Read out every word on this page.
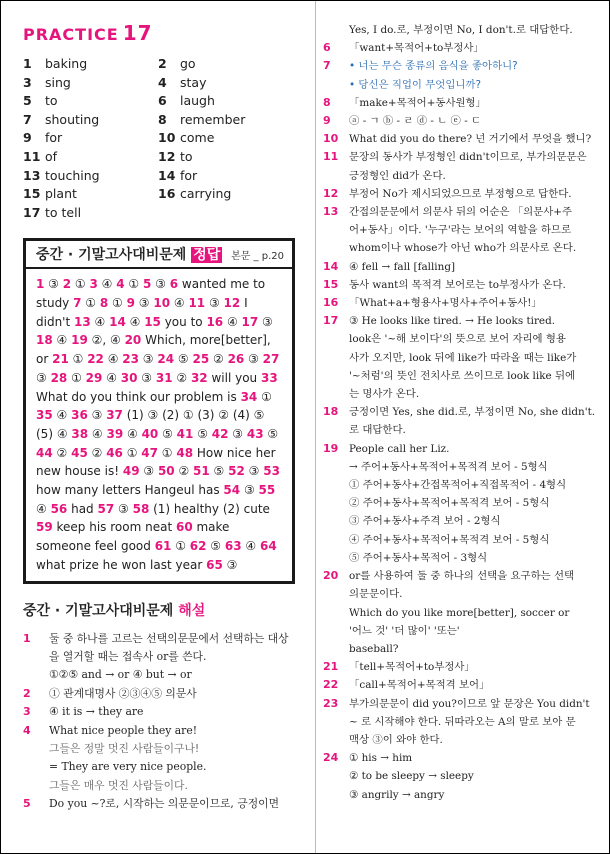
PRACTICE 17
1 baking	2 go
3 sing	4 stay
5 to	6 laugh
7 shouting	8 remember
9 for	10 come
11 of	12 to
13 touching	14 for
15 plant	16 carrying
17 to tell
중간 · 기말고사대비문제 정답 본문 _ p.20
1 ③ 2 ① 3 ④ 4 ① 5 ③ 6 wanted me to study 7 ① 8 ① 9 ③ 10 ④ 11 ③ 12 I didn't 13 ④ 14 ④ 15 you to 16 ④ 17 ③ 18 ④ 19 ②, ④ 20 Which, more[better], or 21 ① 22 ④ 23 ③ 24 ⑤ 25 ② 26 ③ 27 ③ 28 ① 29 ④ 30 ③ 31 ② 32 will you 33 What do you think our problem is 34 ① 35 ④ 36 ③ 37 (1) ③ (2) ① (3) ② (4) ⑤ (5) ④ 38 ④ 39 ④ 40 ⑤ 41 ⑤ 42 ③ 43 ⑤ 44 ② 45 ② 46 ① 47 ① 48 How nice her new house is! 49 ③ 50 ② 51 ⑤ 52 ③ 53 how many letters Hangeul has 54 ③ 55 ④ 56 had 57 ③ 58 (1) healthy (2) cute 59 keep his room neat 60 make someone feel good 61 ① 62 ⑤ 63 ④ 64 what prize he won last year 65 ③
중간 · 기말고사대비문제 해설
1	둘 중 하나를 고르는 선택의문문에서 선택하는 대상
을 열거할 때는 접속사 or를 쓴다.
①②⑤ and → or ④ but → or
2	① 관계대명사 ②③④⑤ 의문사
3	④ it is → they are
4	What nice people they are!
그들은 정말 멋진 사람들이구나!
= They are very nice people.
그들은 매우 멋진 사람들이다.
5	Do you ~?로, 시작하는 의문문이므로, 긍정이면
Yes, I do.로, 부정이면 No, I don't.로 대답한다.
6	「want+목적어+to부정사」
7	• 너는 무슨 종류의 음식을 좋아하니?
• 당신은 직업이 무엇입니까?
8	「make+목적어+동사원형」
9	ⓐ - ㄱ ⓑ - ㄹ ⓓ - ㄴ ⓔ - ㄷ
10	What did you do there? 넌 거기에서 무엇을 했니?
11	문장의 동사가 부정형인 didn't이므로, 부가의문문은
긍정형인 did가 온다.
12	부정어 No가 제시되었으므로 부정형으로 답한다.
13	간접의문문에서 의문사 뒤의 어순은 「의문사+주
어+동사」이다. '누구'라는 보어의 역할을 하므로
whom이나 whose가 아닌 who가 의문사로 온다.
14	④ fell → fall [falling]
15	동사 want의 목적격 보어로는 to부정사가 온다.
16	「What+a+형용사+명사+주어+동사!」
17	③ He looks like tired. → He looks tired.
look은 '~해 보이다'의 뜻으로 보어 자리에 형용
사가 오지만, look 뒤에 like가 따라올 때는 like가
'~처럼'의 뜻인 전치사로 쓰이므로 look like 뒤에
는 명사가 온다.
18	긍정이면 Yes, she did.로, 부정이면 No, she didn't.
로 대답한다.
19	People call her Liz.
→ 주어+동사+목적어+목적격 보어 - 5형식
① 주어+동사+간접목적어+직접목적어 - 4형식
② 주어+동사+목적어+목적격 보어 - 5형식
③ 주어+동사+주격 보어 - 2형식
④ 주어+동사+목적어+목적격 보어 - 5형식
⑤ 주어+동사+목적어 - 3형식
20	or를 사용하여 둘 중 하나의 선택을 요구하는 선택
의문문이다.
Which do you like more[better], soccer or
'어느 것' '더 많이' '또는'
baseball?
21	「tell+목적어+to부정사」
22	「call+목적어+목적격 보어」
23	부가의문문이 did you?이므로 앞 문장은 You didn't
~ 로 시작해야 한다. 뒤따라오는 A의 말로 보아 문
맥상 ③이 와야 한다.
24	① his → him
② to be sleepy → sleepy
③ angrily → angry
